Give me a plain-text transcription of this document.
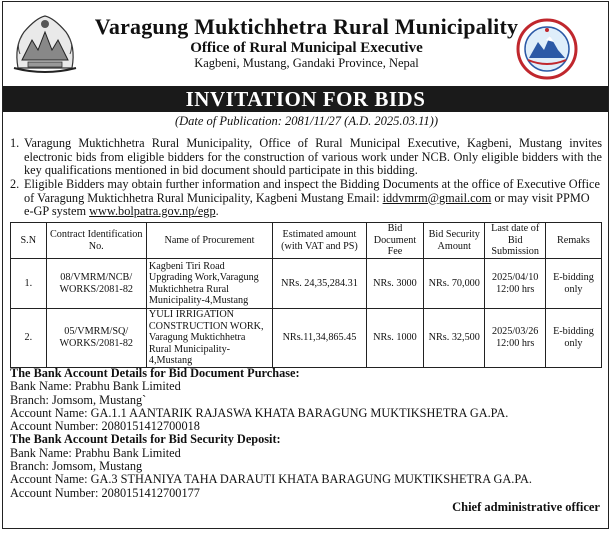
Varagung Muktichhetra Rural Municipality
Office of Rural Municipal Executive
Kagbeni, Mustang, Gandaki Province, Nepal
INVITATION FOR BIDS
(Date of Publication: 2081/11/27 (A.D. 2025.03.11))
1. Varagung Muktichhetra Rural Municipality, Office of Rural Municipal Executive, Kagbeni, Mustang invites electronic bids from eligible bidders for the construction of various work under NCB. Only eligible bidders with the key qualifications mentioned in bid document should participate in this bidding.
2. Eligible Bidders may obtain further information and inspect the Bidding Documents at the office of Executive Office of Varagung Muktichhetra Rural Municipality, Kagbeni Mustang Email: iddvmrm@gmail.com or may visit PPMO e-GP system www.bolpatra.gov.np/egp.
S.N	Contract Identification No.	Name of Procurement	Estimated amount (with VAT and PS)	Bid Document Fee	Bid Security Amount	Last date of Bid Submission	Remaks
1.	08/VMRM/NCB/ WORKS/2081-82	Kagbeni Tiri Road Upgrading Work,Varagung Muktichhetra Rural Municipality-4,Mustang	NRs. 24,35,284.31	NRs. 3000	NRs. 70,000	2025/04/10 12:00 hrs	E-bidding only
2.	05/VMRM/SQ/ WORKS/2081-82	YULI IRRIGATION CONSTRUCTION WORK, Varagung Muktichhetra Rural Municipality-4,Mustang	NRs.11,34,865.45	NRs. 1000	NRs. 32,500	2025/03/26 12:00 hrs	E-bidding only
The Bank Account Details for Bid Document Purchase:
Bank Name: Prabhu Bank Limited
Branch: Jomsom, Mustang`
Account Name: GA.1.1 AANTARIK RAJASWA KHATA BARAGUNG MUKTIKSHETRA GA.PA.
Account Number: 2080151412700018
The Bank Account Details for Bid Security Deposit:
Bank Name: Prabhu Bank Limited
Branch: Jomsom, Mustang
Account Name: GA.3 STHANIYA TAHA DARAUTI KHATA BARAGUNG MUKTIKSHETRA GA.PA.
Account Number: 2080151412700177
Chief administrative officer
